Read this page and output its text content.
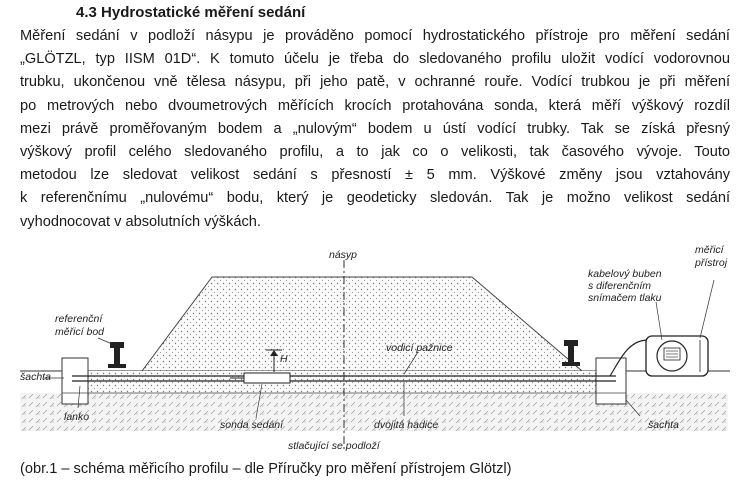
4.3 Hydrostatické měření sedání
Měření sedání v podloží násypu je prováděno pomocí hydrostatického přístroje pro měření sedání
„GLÖTZL, typ IISM 01D“. K tomuto účelu je třeba do sledovaného profilu uložit vodící vodorovnou
trubku, ukončenou vně tělesa násypu, při jeho patě, v ochranné rouře. Vodící trubkou je při měření
po metrových nebo dvoumetrových měřících krocích protahována sonda, která měří výškový rozdíl
mezi právě proměřovaným bodem a „nulovým“ bodem u ústí vodící trubky. Tak se získá přesný
výškový profil celého sledovaného profilu, a to jak co o velikosti, tak časového vývoje. Touto
metodou lze sledovat velikost sedání s přesností ± 5 mm. Výškové změny jsou vztahovány
k referenčnímu „nulovému“ bodu, který je geodeticky sledován. Tak je možno velikost sedání
vyhodnocovat v absolutních výškách.
H
násyp	měřicí
přístroj
kabelový buben
s diferenčním
snímačem tlaku
referenční
měřicí bod
šachta
vodicí pažnice
lanko
sonda sedání	dvojitá hadice	šachta
stlačující se podloží
(obr.1 – schéma měřicího profilu – dle Příručky pro měření přístrojem Glötzl)
